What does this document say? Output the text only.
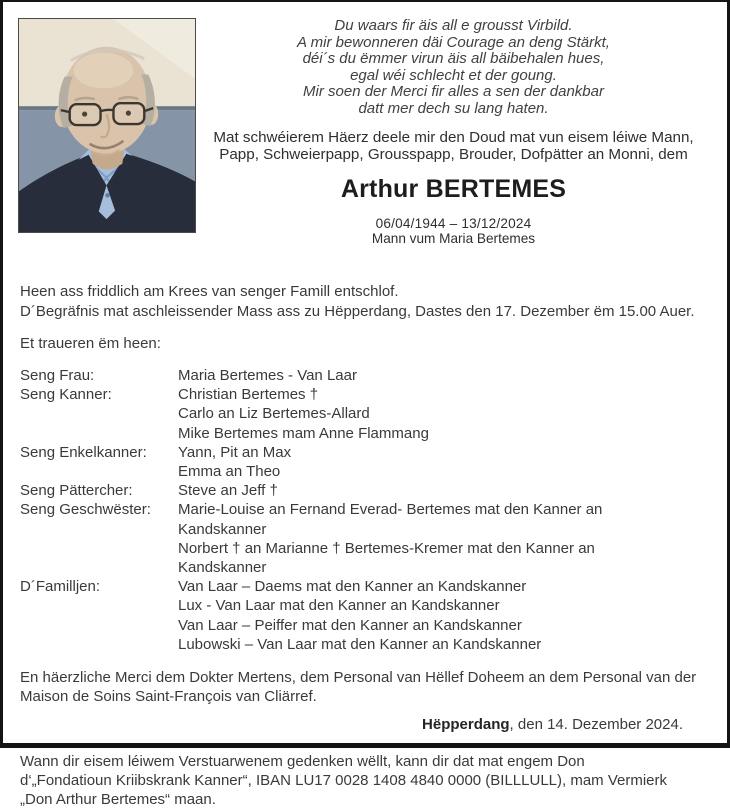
Du waars fir äis all e grousst Virbild.
A mir bewonneren däi Courage an deng Stärkt,
déi´s du ëmmer virun äis all bäibehalen hues,
egal wéi schlecht et der goung.
Mir soen der Merci fir alles a sen der dankbar
datt mer dech su lang haten.
Mat schwéierem Häerz deele mir den Doud mat vun eisem léiwe Mann, Papp, Schweierpapp, Grousspapp, Brouder, Dofpätter an Monni, dem
Arthur BERTEMES
06/04/1944 – 13/12/2024
Mann vum Maria Bertemes
Heen ass friddlich am Krees van senger Famill entschlof.
D´Begräfnis mat aschleissender Mass ass zu Hëpperdang, Dastes den 17. Dezember ëm 15.00 Auer.
Et traueren ëm heen:
Seng Frau:	Maria Bertemes - Van Laar
Seng Kanner:	Christian Bertemes †
Carlo an Liz Bertemes-Allard
Mike Bertemes mam Anne Flammang
Seng Enkelkanner:	Yann, Pit an Max
Emma an Theo
Seng Pättercher:	Steve an Jeff †
Seng Geschwëster:	Marie-Louise an Fernand Everad- Bertemes mat den Kanner an
Kandskanner
Norbert † an Marianne † Bertemes-Kremer mat den Kanner an
Kandskanner
D´Familljen:	Van Laar – Daems mat den Kanner an Kandskanner
Lux - Van Laar mat den Kanner an Kandskanner
Van Laar – Peiffer mat den Kanner an Kandskanner
Lubowski – Van Laar mat den Kanner an Kandskanner
En häerzliche Merci dem Dokter Mertens, dem Personal van Hëllef Doheem an dem Personal van der Maison de Soins Saint-François van Cliärref.
Hëpperdang, den 14. Dezember 2024.
Wann dir eisem léiwem Verstuarwenem gedenken wëllt, kann dir dat mat engem Don
d‘„Fondatioun Kriibskrank Kanner“, IBAN LU17 0028 1408 4840 0000 (BILLLULL), mam Vermierk
„Don Arthur Bertemes“ maan.
